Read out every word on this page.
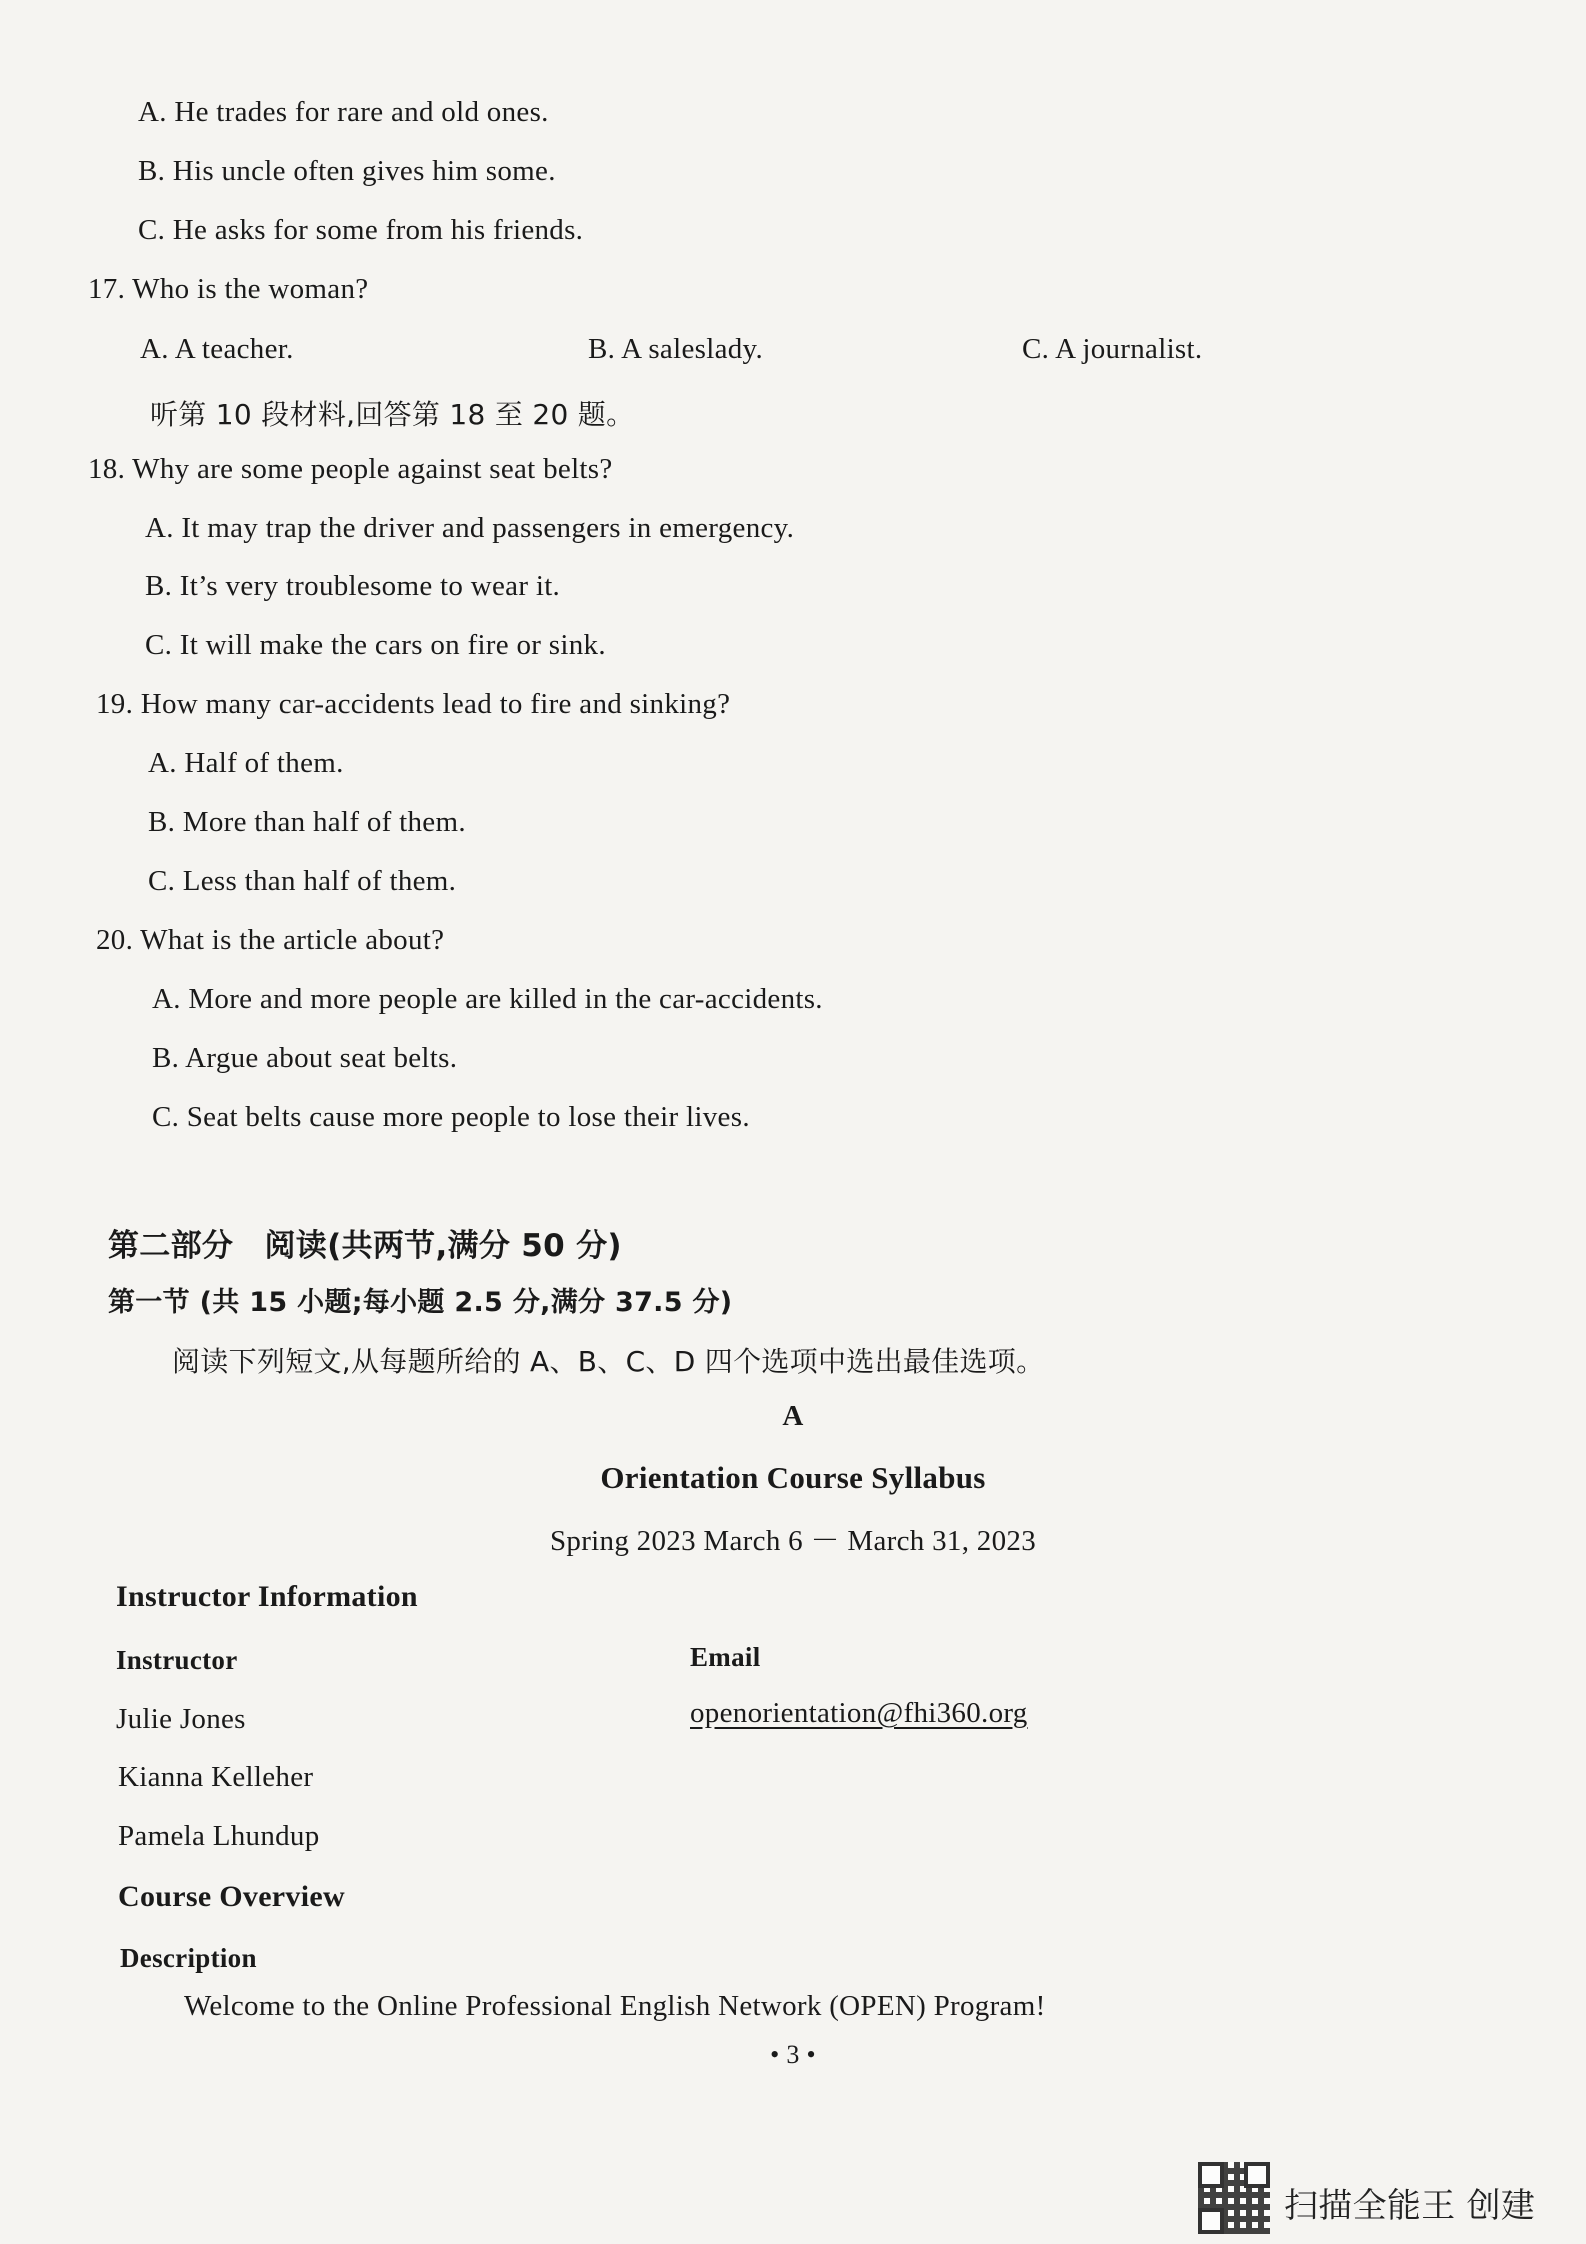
A. He trades for rare and old ones.
B. His uncle often gives him some.
C. He asks for some from his friends.
17. Who is the woman?
A. A teacher.	B. A saleslady.	C. A journalist.
听第 10 段材料,回答第 18 至 20 题。
18. Why are some people against seat belts?
A. It may trap the driver and passengers in emergency.
B. It’s very troublesome to wear it.
C. It will make the cars on fire or sink.
19. How many car-accidents lead to fire and sinking?
A. Half of them.
B. More than half of them.
C. Less than half of them.
20. What is the article about?
A. More and more people are killed in the car-accidents.
B. Argue about seat belts.
C. Seat belts cause more people to lose their lives.
第二部分　阅读(共两节,满分 50 分)
第一节 (共 15 小题;每小题 2.5 分,满分 37.5 分)
阅读下列短文,从每题所给的 A、B、C、D 四个选项中选出最佳选项。
A
Orientation Course Syllabus
Spring 2023 March 6 － March 31, 2023
Instructor Information
Instructor	Email
Julie Jones	openorientation@fhi360.org
Kianna Kelleher
Pamela Lhundup
Course Overview
Description
Welcome to the Online Professional English Network (OPEN) Program!
• 3 •
扫描全能王 创建
